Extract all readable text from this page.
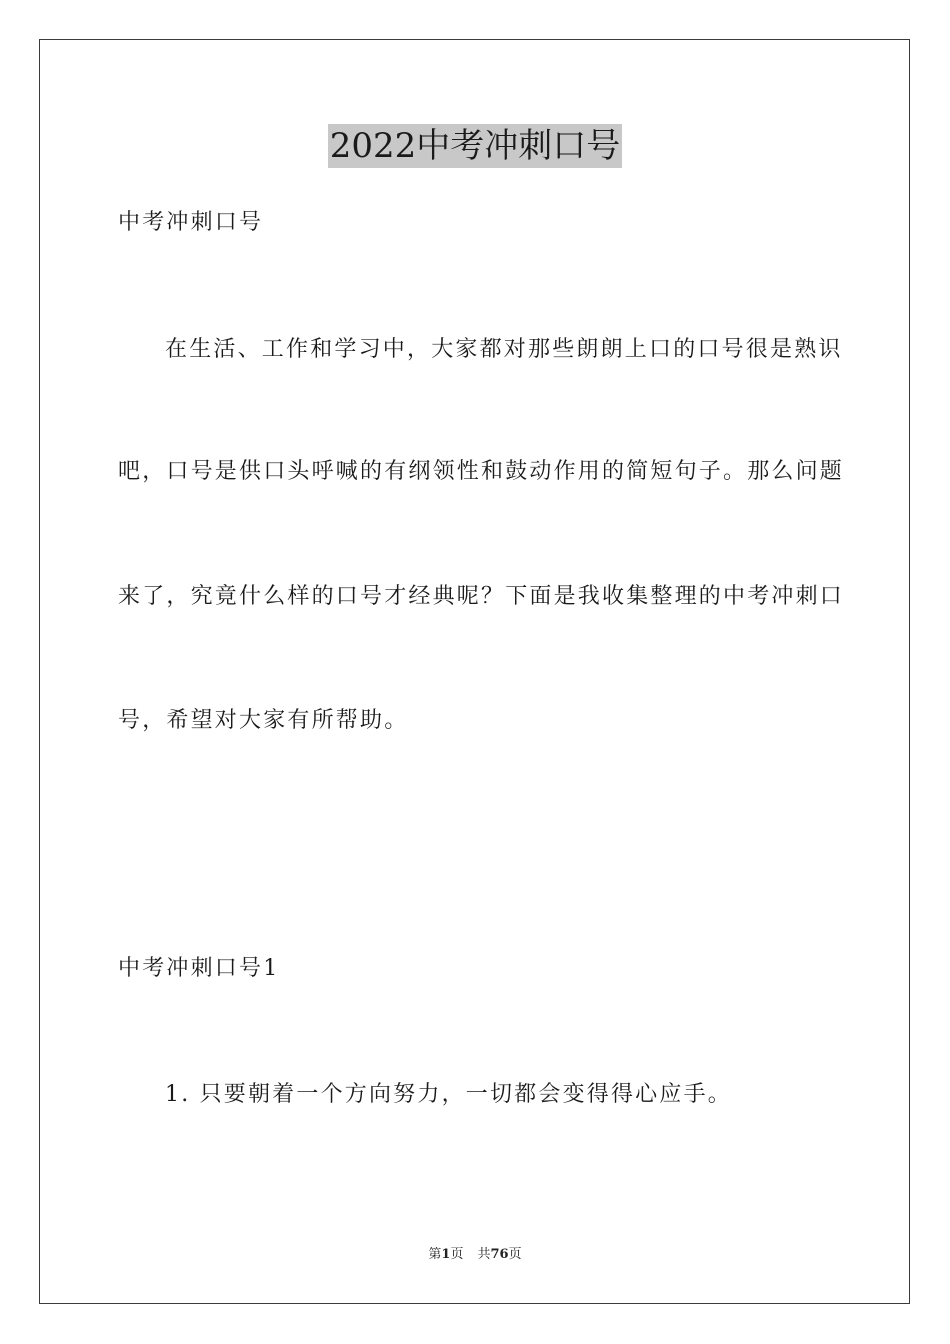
2022中考冲刺口号
中考冲刺口号
在生活、工作和学习中，大家都对那些朗朗上口的口号很是熟识
吧，口号是供口头呼喊的有纲领性和鼓动作用的简短句子。那么问题
来了，究竟什么样的口号才经典呢？下面是我收集整理的中考冲刺口
号，希望对大家有所帮助。
中考冲刺口号1
1. 只要朝着一个方向努力，一切都会变得得心应手。
第1页 共76页
